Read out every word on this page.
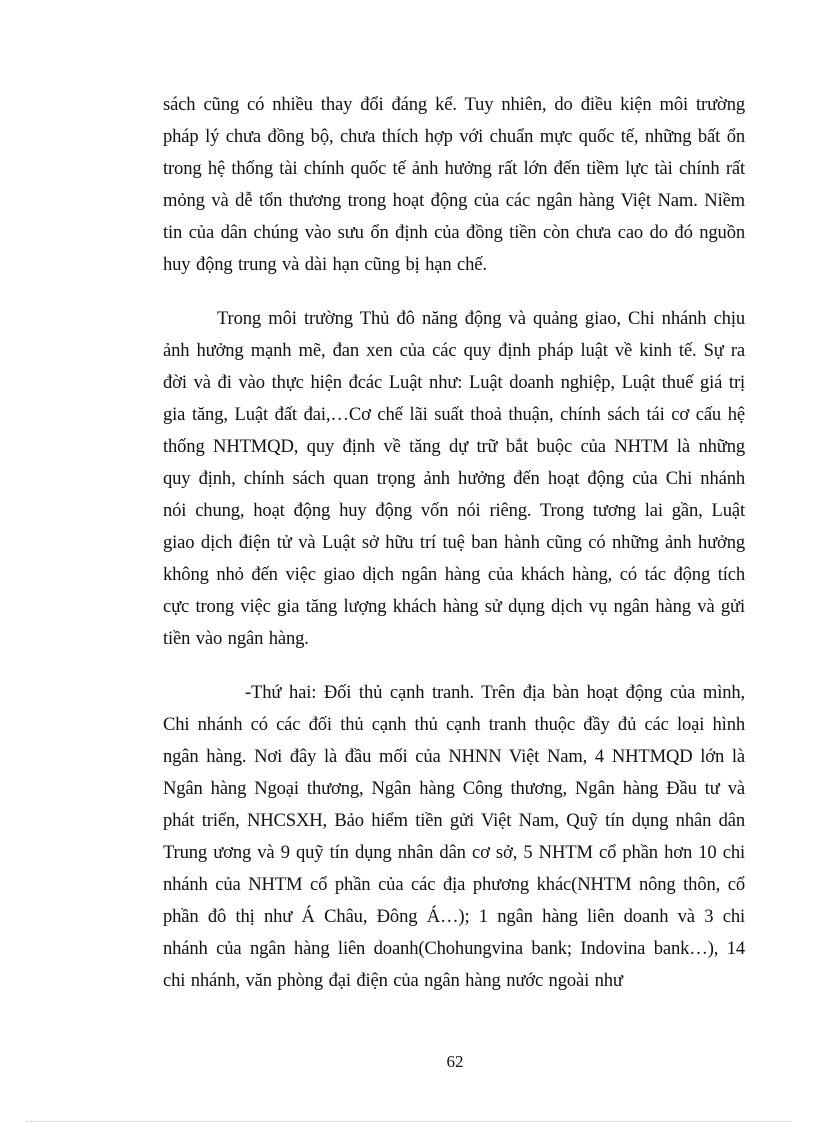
sách cũng có nhiều thay đổi đáng kể. Tuy nhiên, do điều kiện môi trường
pháp lý chưa đồng bộ, chưa thích hợp với chuẩn mực quốc tế, những bất ổn
trong hệ thống tài chính quốc tế ảnh hưởng rất lớn đến tiềm lực tài chính rất
mỏng và dễ tổn thương trong hoạt động của các ngân hàng Việt Nam. Niềm
tin của dân chúng vào sưu ổn định của đồng tiền còn chưa cao do đó nguồn
huy động trung và dài hạn cũng bị hạn chế.
Trong môi trường Thủ đô năng động và quảng giao, Chi nhánh chịu
ảnh hưởng mạnh mẽ, đan xen của các quy định pháp luật về kinh tế. Sự ra
đời và đi vào thực hiện đcác Luật như: Luật doanh nghiệp, Luật thuế giá trị
gia tăng, Luật đất đai,…Cơ chế lãi suất thoả thuận, chính sách tái cơ cấu hệ
thống NHTMQD, quy định về tăng dự trữ bắt buộc của NHTM là những
quy định, chính sách quan trọng ảnh hưởng đến hoạt động của Chi nhánh
nói chung, hoạt động huy động vốn nói riêng. Trong tương lai gần, Luật
giao dịch điện tử và Luật sở hữu trí tuệ ban hành cũng có những ảnh hưởng
không nhỏ đến việc giao dịch ngân hàng của khách hàng, có tác động tích
cực trong việc gia tăng lượng khách hàng sử dụng dịch vụ ngân hàng và gửi
tiền vào ngân hàng.
-Thứ hai: Đối thủ cạnh tranh. Trên địa bàn hoạt động của mình,
Chi nhánh có các đối thủ cạnh thủ cạnh tranh thuộc đầy đủ các loại hình
ngân hàng. Nơi đây là đầu mối của NHNN Việt Nam, 4 NHTMQD lớn là
Ngân hàng Ngoại thương, Ngân hàng Công thương, Ngân hàng Đầu tư và
phát triển, NHCSXH, Bảo hiểm tiền gửi Việt Nam, Quỹ tín dụng nhân dân
Trung ương và 9 quỹ tín dụng nhân dân cơ sở, 5 NHTM cổ phần hơn 10 chi
nhánh của NHTM cổ phần của các địa phương khác(NHTM nông thôn, cổ
phần đô thị như Á Châu, Đông Á…); 1 ngân hàng liên doanh và 3 chi
nhánh của ngân hàng liên doanh(Chohungvina bank; Indovina bank…), 14
chi nhánh, văn phòng đại điện của ngân hàng nước ngoài như
62
